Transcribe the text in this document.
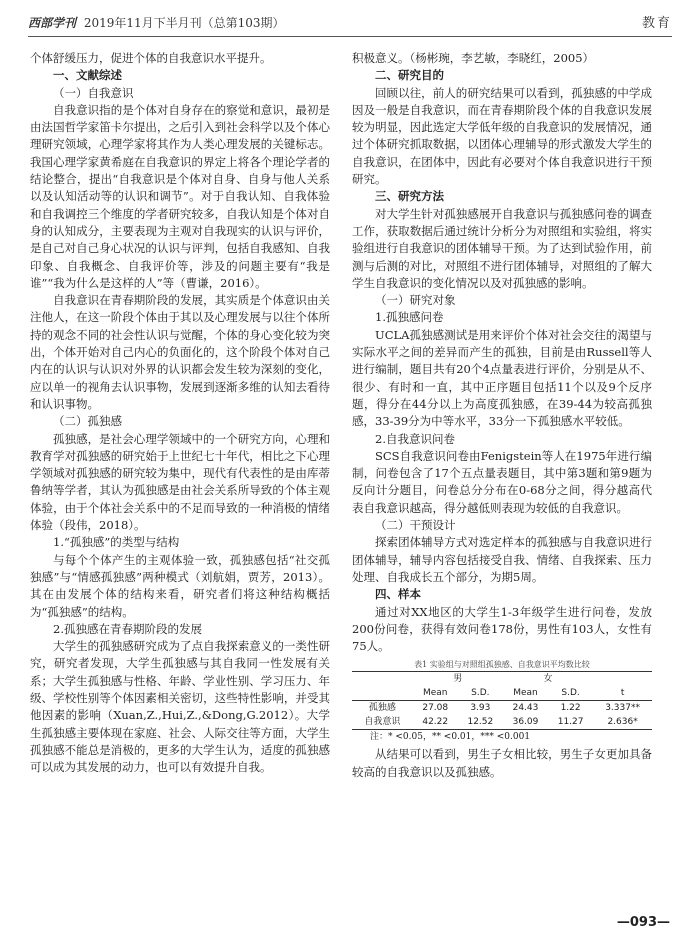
西部学刊 2019年11月下半月刊（总第103期）	教育

个体舒缓压力，促进个体的自我意识水平提升。

一、文献综述
（一）自我意识

自我意识指的是个体对自身存在的察觉和意识，最初是由法国哲学家笛卡尔提出，之后引入到社会科学以及个体心理研究领域，心理学家将其作为人类心理发展的关键标志。我国心理学家黄希庭在自我意识的界定上将各个理论学者的结论整合，提出“自我意识是个体对自身、自身与他人关系以及认知活动等的认识和调节”。对于自我认知、自我体验和自我调控三个维度的学者研究较多，自我认知是个体对自身的认知成分，主要表现为主观对自我现实的认识与评价，是自己对自己身心状况的认识与评判，包括自我感知、自我印象、自我概念、自我评价等，涉及的问题主要有“我是谁”“我为什么是这样的人”等（曹谦，2016）。

自我意识在青春期阶段的发展，其实质是个体意识由关注他人，在这一阶段个体由于其以及心理发展与以往个体所持的观念不同的社会性认识与觉醒，个体的身心变化较为突出，个体开始对自己内心的负面化的，这个阶段个体对自己内在的认识与认识对外界的认识都会发生较为深刻的变化，应以单一的视角去认识事物，发展到逐渐多维的认知去看待和认识事物。

（二）孤独感

孤独感，是社会心理学领域中的一个研究方向，心理和教育学对孤独感的研究始于上世纪七十年代，相比之下心理学领域对孤独感的研究较为集中，现代有代表性的是由库蒂鲁纳等学者，其认为孤独感是由社会关系所导致的个体主观体验，由于个体社会关系中的不足而导致的一种消极的情绪体验（段伟，2018）。

1.“孤独感”的类型与结构

与每个个体产生的主观体验一致，孤独感包括“社交孤独感”与“情感孤独感”两种模式（刘航娟，贾芳，2013）。其在由发展个体的结构来看，研究者们将这种结构概括为“孤独感”的结构。

2.孤独感在青春期阶段的发展

大学生的孤独感研究成为了点自我探索意义的一类性研究，研究者发现，大学生孤独感与其自我同一性发展有关系；大学生孤独感与性格、年龄、学业性别、学习压力、年级、学校性别等个体因素相关密切，这些特性影响，并受其他因素的影响（Xuan,Z.,Hui,Z.,&Dong,G.2012）。大学生孤独感主要体现在家庭、社会、人际交往等方面，大学生孤独感不能总是消极的，更多的大学生认为，适度的孤独感可以成为其发展的动力，也可以有效提升自我。

积极意义。（杨彬琬，李艺敏，李晓红，2005）

二、研究目的

回顾以往，前人的研究结果可以看到，孤独感的中学成因及一般是自我意识，而在青春期阶段个体的自我意识发展较为明显，因此选定大学低年级的自我意识的发展情况，通过个体研究抓取数据，以团体心理辅导的形式激发大学生的自我意识，在团体中，因此有必要对个体自我意识进行干预研究。

三、研究方法

对大学生针对孤独感展开自我意识与孤独感问卷的调查工作，获取数据后通过统计分析分为对照组和实验组，将实验组进行自我意识的团体辅导干预。为了达到试验作用，前测与后测的对比，对照组不进行团体辅导，对照组的了解大学生自我意识的变化情况以及对孤独感的影响。

（一）研究对象
1.孤独感问卷

UCLA孤独感测试是用来评价个体对社会交往的渴望与实际水平之间的差异而产生的孤独，目前是由Russell等人进行编制，题目共有20个4点量表进行评价，分别是从不、很少、有时和一直，其中正序题目包括11个以及9个反序题，得分在44分以上为高度孤独感，在39-44为较高孤独感，33-39分为中等水平，33分一下孤独感水平较低。

2.自我意识问卷

SCS自我意识问卷由Fenigstein等人在1975年进行编制，问卷包含了17个五点量表题目，其中第3题和第9题为反向计分题目，问卷总分分布在0-68分之间，得分越高代表自我意识越高，得分越低则表现为较低的自我意识。

（二）干预设计

探索团体辅导方式对选定样本的孤独感与自我意识进行团体辅导，辅导内容包括接受自我、情绪、自我探索、压力处理、自我成长五个部分，为期5周。

四、样本

通过对XX地区的大学生1-3年级学生进行问卷，发放200份问卷，获得有效问卷178份，男性有103人，女性有75人。

表1 实验组与对照组孤独感、自我意识平均数比较
	男		女		
	Mean	S.D.	Mean	S.D.	t
孤独感	27.08	3.93	24.43	1.22	3.337**
自我意识	42.22	12.52	36.09	11.27	2.636*
注：* <0.05，** <0.01，*** <0.001

从结果可以看到，男生子女相比较，男生子女更加具备较高的自我意识以及孤独感。

—093—
